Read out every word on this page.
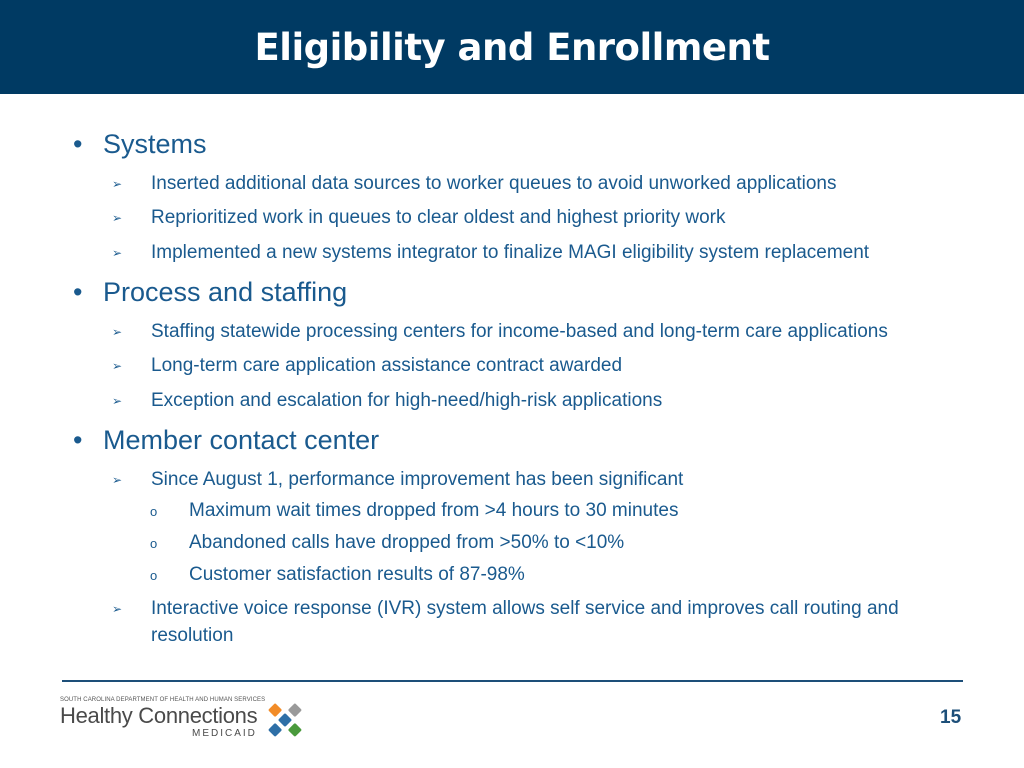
Eligibility and Enrollment
• Systems
➢ Inserted additional data sources to worker queues to avoid unworked applications
➢ Reprioritized work in queues to clear oldest and highest priority work
➢ Implemented a new systems integrator to finalize MAGI eligibility system replacement
• Process and staffing
➢ Staffing statewide processing centers for income-based and long-term care applications
➢ Long-term care application assistance contract awarded
➢ Exception and escalation for high-need/high-risk applications
• Member contact center
➢ Since August 1, performance improvement has been significant
o Maximum wait times dropped from >4 hours to 30 minutes
o Abandoned calls have dropped from >50% to <10%
o Customer satisfaction results of 87-98%
➢ Interactive voice response (IVR) system allows self service and improves call routing and resolution
SOUTH CAROLINA DEPARTMENT OF HEALTH AND HUMAN SERVICES
Healthy Connections
MEDICAID
15
